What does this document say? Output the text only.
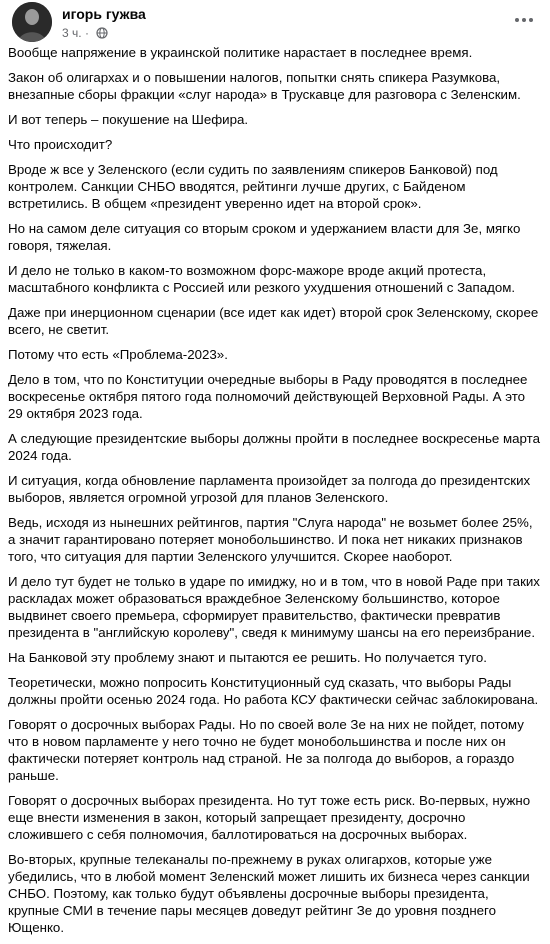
игорь гужва
3 ч. ·

Вообще напряжение в украинской политике нарастает в последнее время.

Закон об олигархах и о повышении налогов, попытки снять спикера Разумкова, внезапные сборы фракции «слуг народа» в Трускавце для разговора с Зеленским.

И вот теперь – покушение на Шефира.

Что происходит?

Вроде ж все у Зеленского (если судить по заявлениям спикеров Банковой) под контролем. Санкции СНБО вводятся, рейтинги лучше других, с Байденом встретились. В общем «президент уверенно идет на второй срок».

Но на самом деле ситуация со вторым сроком и удержанием власти для Зе, мягко говоря, тяжелая.

И дело не только в каком-то возможном форс-мажоре вроде акций протеста, масштабного конфликта с Россией или резкого ухудшения отношений с Западом.

Даже при инерционном сценарии (все идет как идет) второй срок Зеленскому, скорее всего, не светит.

Потому что есть «Проблема-2023».

Дело в том, что по Конституции очередные выборы в Раду проводятся в последнее воскресенье октября пятого года полномочий действующей Верховной Рады. А это 29 октября 2023 года.

А следующие президентские выборы должны пройти в последнее воскресенье марта 2024 года.

И ситуация, когда обновление парламента произойдет за полгода до президентских выборов, является огромной угрозой для планов Зеленского.

Ведь, исходя из нынешних рейтингов, партия "Слуга народа" не возьмет более 25%, а значит гарантировано потеряет монобольшинство. И пока нет никаких признаков того, что ситуация для партии Зеленского улучшится. Скорее наоборот.

И дело тут будет не только в ударе по имиджу, но и в том, что в новой Раде при таких раскладах может образоваться враждебное Зеленскому большинство, которое выдвинет своего премьера, сформирует правительство, фактически превратив президента в "английскую королеву", сведя к минимуму шансы на его переизбрание.

На Банковой эту проблему знают и пытаются ее решить. Но получается туго.

Теоретически, можно попросить Конституционный суд сказать, что выборы Рады должны пройти осенью 2024 года. Но работа КСУ фактически сейчас заблокирована.

Говорят о досрочных выборах Рады. Но по своей воле Зе на них не пойдет, потому что в новом парламенте у него точно не будет монобольшинства и после них он фактически потеряет контроль над страной. Не за полгода до выборов, а гораздо раньше.

Говорят о досрочных выборах президента. Но тут тоже есть риск. Во-первых, нужно еще внести изменения в закон, который запрещает президенту, досрочно сложившего с себя полномочия, баллотироваться на досрочных выборах.

Во-вторых, крупные телеканалы по-прежнему в руках олигархов, которые уже убедились, что в любой момент Зеленский может лишить их бизнеса через санкции СНБО. Поэтому, как только будут объявлены досрочные выборы президента, крупные СМИ в течение пары месяцев доведут рейтинг Зе до уровня позднего Ющенко.
